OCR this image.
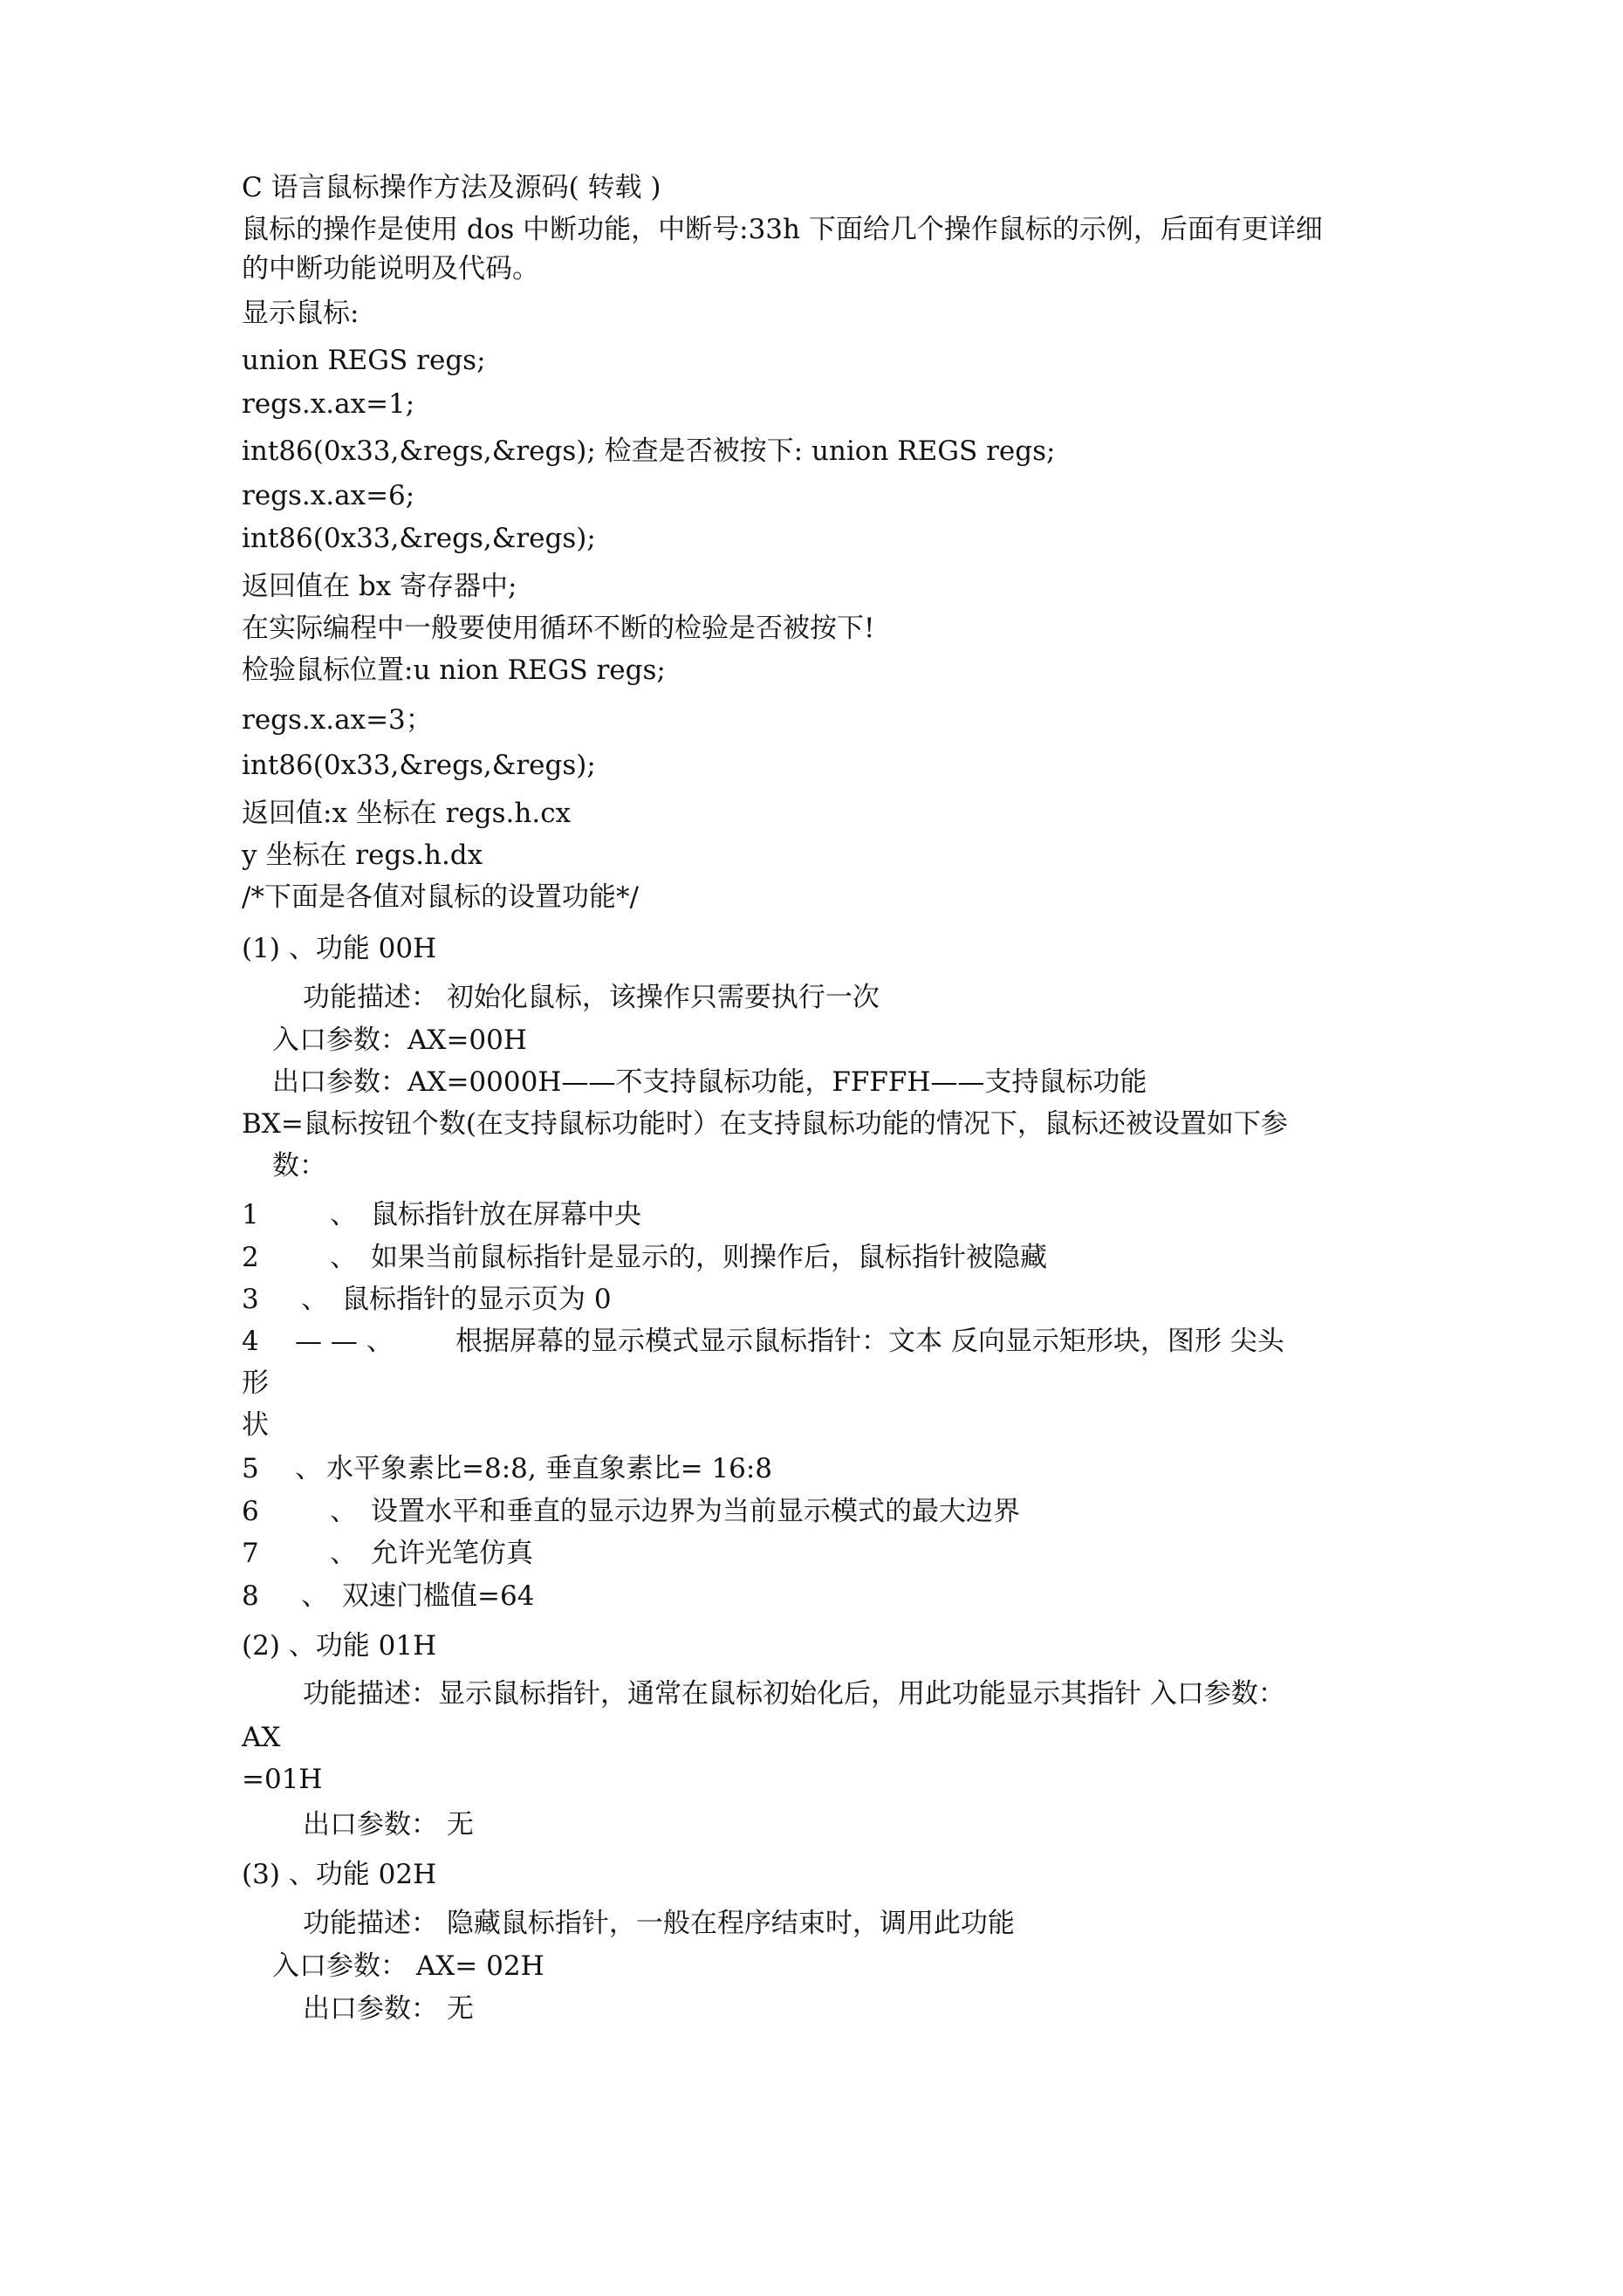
C 语言鼠标操作方法及源码( 转载 )
鼠标的操作是使用 dos 中断功能，中断号:33h 下面给几个操作鼠标的示例，后面有更详细
的中断功能说明及代码。
显示鼠标:
union REGS regs;
regs.x.ax=1;
int86(0x33,&regs,&regs); 检查是否被按下: union REGS regs;
regs.x.ax=6;
int86(0x33,&regs,&regs);
返回值在 bx 寄存器中;
在实际编程中一般要使用循环不断的检验是否被按下!
检验鼠标位置:u nion REGS regs;
regs.x.ax=3；
int86(0x33,&regs,&regs);
返回值:x 坐标在 regs.h.cx
y 坐标在 regs.h.dx
/*下面是各值对鼠标的设置功能*/
(1) 、功能 00H
功能描述： 初始化鼠标，该操作只需要执行一次
入口参数：AX=00H
出口参数：AX=0000H——不支持鼠标功能，FFFFH——支持鼠标功能
BX=鼠标按钮个数(在支持鼠标功能时）在支持鼠标功能的情况下，鼠标还被设置如下参
数：
1	、 鼠标指针放在屏幕中央
2	、 如果当前鼠标指针是显示的，则操作后，鼠标指针被隐藏
3 、 鼠标指针的显示页为 0
4 — — 、 根据屏幕的显示模式显示鼠标指针：文本 反向显示矩形块，图形 尖头
形
状
5 、 水平象素比=8:8, 垂直象素比= 16:8
6	、 设置水平和垂直的显示边界为当前显示模式的最大边界
7	、 允许光笔仿真
8 、 双速门槛值=64
(2) 、功能 01H
功能描述：显示鼠标指针，通常在鼠标初始化后，用此功能显示其指针 入口参数：
AX
=01H
出口参数： 无
(3) 、功能 02H
功能描述： 隐藏鼠标指针，一般在程序结束时，调用此功能
入口参数： AX= 02H
出口参数： 无
